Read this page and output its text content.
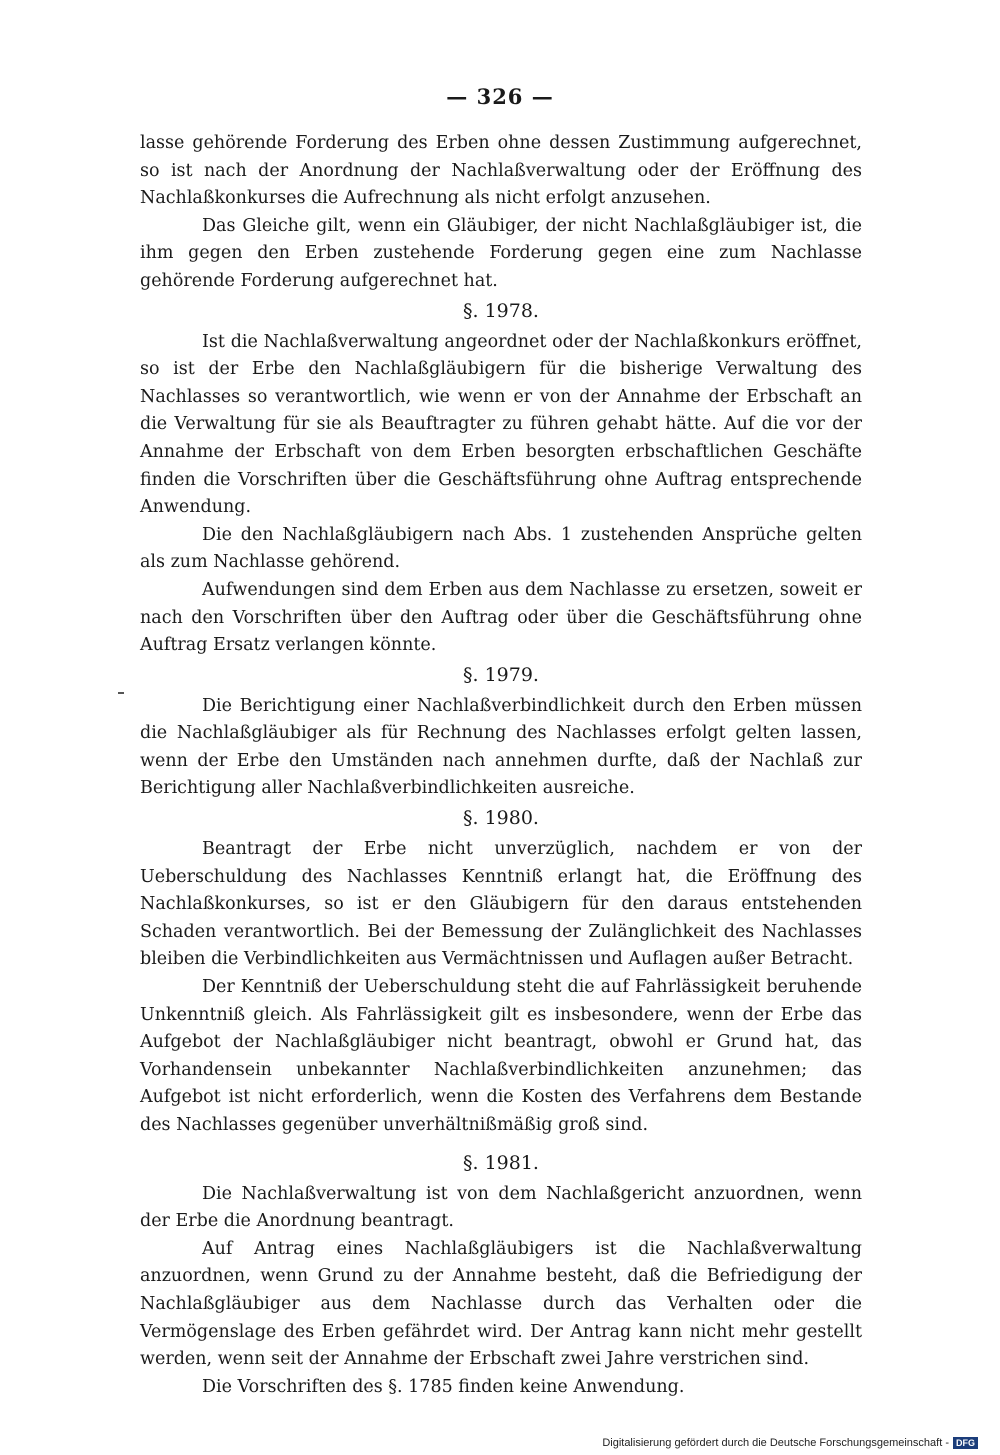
— 326 —

lasse gehörende Forderung des Erben ohne dessen Zustimmung aufgerechnet, so ist nach der Anordnung der Nachlaßverwaltung oder der Eröffnung des Nachlaßkonkurses die Aufrechnung als nicht erfolgt anzusehen.

Das Gleiche gilt, wenn ein Gläubiger, der nicht Nachlaßgläubiger ist, die ihm gegen den Erben zustehende Forderung gegen eine zum Nachlasse gehörende Forderung aufgerechnet hat.

§. 1978.

Ist die Nachlaßverwaltung angeordnet oder der Nachlaßkonkurs eröffnet, so ist der Erbe den Nachlaßgläubigern für die bisherige Verwaltung des Nachlasses so verantwortlich, wie wenn er von der Annahme der Erbschaft an die Verwaltung für sie als Beauftragter zu führen gehabt hätte. Auf die vor der Annahme der Erbschaft von dem Erben besorgten erbschaftlichen Geschäfte finden die Vorschriften über die Geschäftsführung ohne Auftrag entsprechende Anwendung.

Die den Nachlaßgläubigern nach Abs. 1 zustehenden Ansprüche gelten als zum Nachlasse gehörend.

Aufwendungen sind dem Erben aus dem Nachlasse zu ersetzen, soweit er nach den Vorschriften über den Auftrag oder über die Geschäftsführung ohne Auftrag Ersatz verlangen könnte.

§. 1979.

Die Berichtigung einer Nachlaßverbindlichkeit durch den Erben müssen die Nachlaßgläubiger als für Rechnung des Nachlasses erfolgt gelten lassen, wenn der Erbe den Umständen nach annehmen durfte, daß der Nachlaß zur Berichtigung aller Nachlaßverbindlichkeiten ausreiche.

§. 1980.

Beantragt der Erbe nicht unverzüglich, nachdem er von der Ueberschuldung des Nachlasses Kenntniß erlangt hat, die Eröffnung des Nachlaßkonkurses, so ist er den Gläubigern für den daraus entstehenden Schaden verantwortlich. Bei der Bemessung der Zulänglichkeit des Nachlasses bleiben die Verbindlichkeiten aus Vermächtnissen und Auflagen außer Betracht.

Der Kenntniß der Ueberschuldung steht die auf Fahrlässigkeit beruhende Unkenntniß gleich. Als Fahrlässigkeit gilt es insbesondere, wenn der Erbe das Aufgebot der Nachlaßgläubiger nicht beantragt, obwohl er Grund hat, das Vorhandensein unbekannter Nachlaßverbindlichkeiten anzunehmen; das Aufgebot ist nicht erforderlich, wenn die Kosten des Verfahrens dem Bestande des Nachlasses gegenüber unverhältnißmäßig groß sind.

§. 1981.

Die Nachlaßverwaltung ist von dem Nachlaßgericht anzuordnen, wenn der Erbe die Anordnung beantragt.

Auf Antrag eines Nachlaßgläubigers ist die Nachlaßverwaltung anzuordnen, wenn Grund zu der Annahme besteht, daß die Befriedigung der Nachlaßgläubiger aus dem Nachlasse durch das Verhalten oder die Vermögenslage des Erben gefährdet wird. Der Antrag kann nicht mehr gestellt werden, wenn seit der Annahme der Erbschaft zwei Jahre verstrichen sind.

Die Vorschriften des §. 1785 finden keine Anwendung.

Digitalisierung gefördert durch die Deutsche Forschungsgemeinschaft - DFG
